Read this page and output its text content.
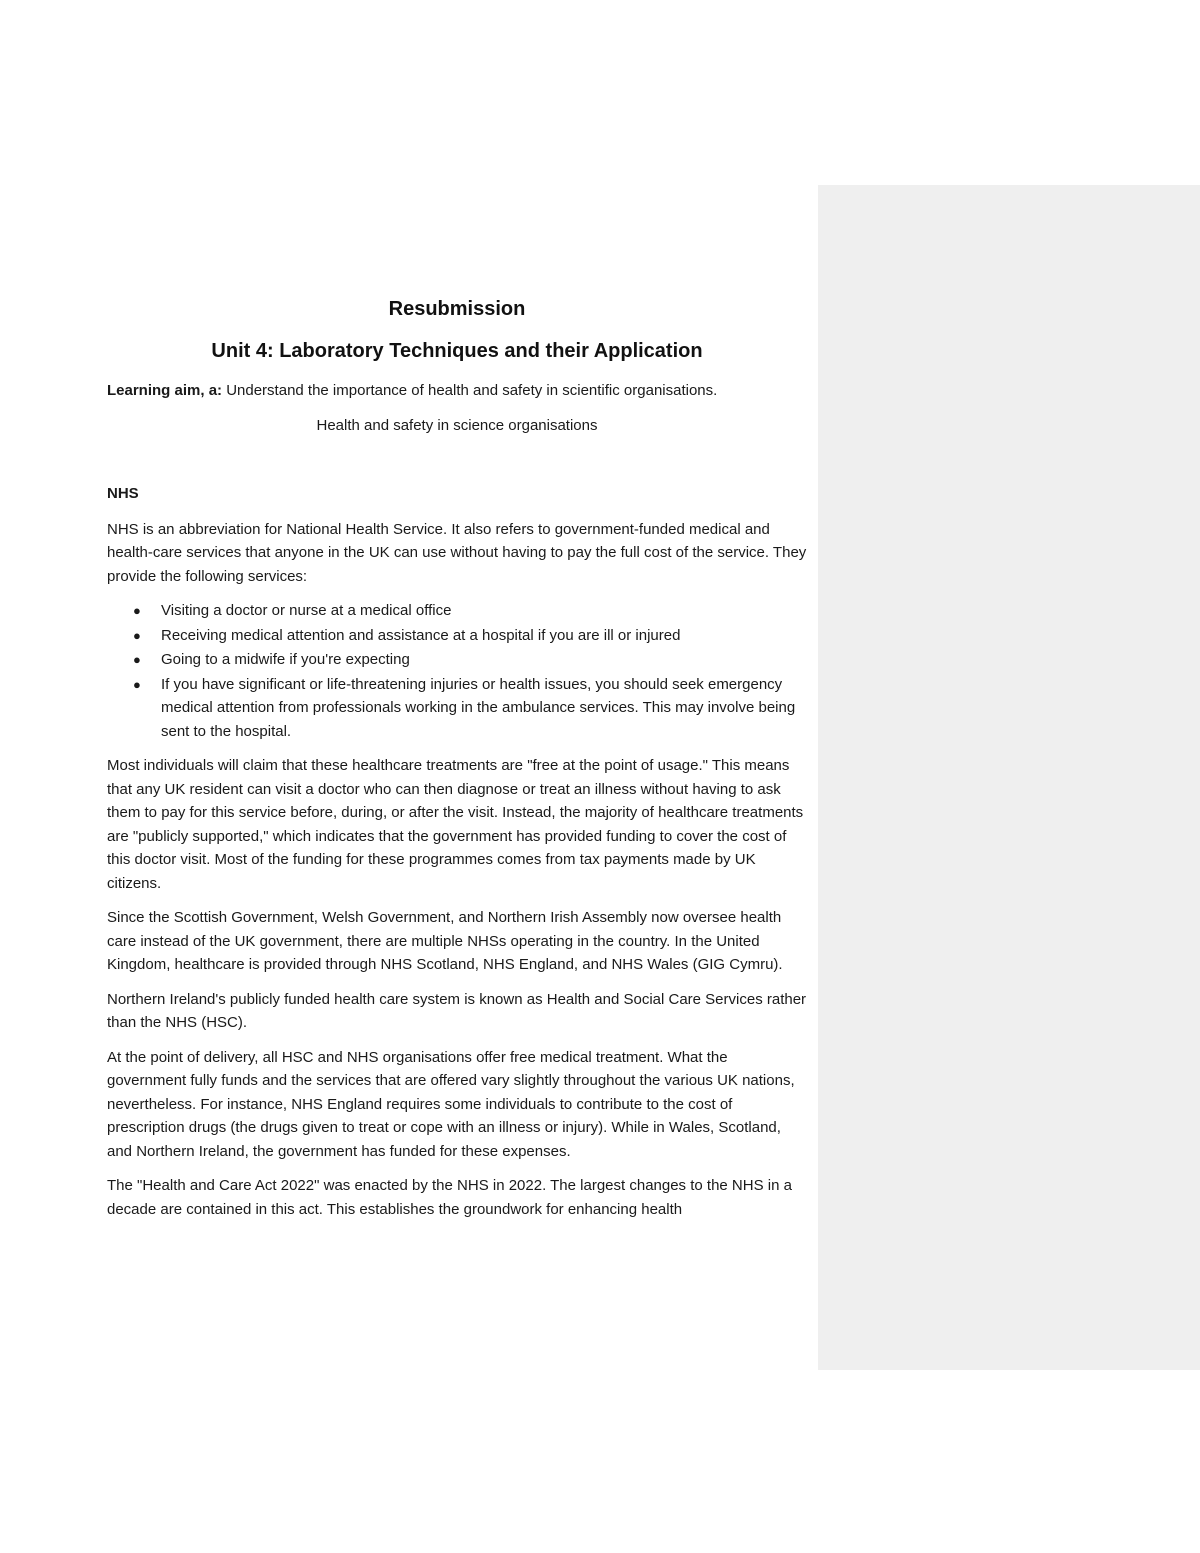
Resubmission
Unit 4: Laboratory Techniques and their Application
Learning aim, a: Understand the importance of health and safety in scientific organisations.
Health and safety in science organisations
NHS

NHS is an abbreviation for National Health Service. It also refers to government-funded medical and health-care services that anyone in the UK can use without having to pay the full cost of the service. They provide the following services:

● Visiting a doctor or nurse at a medical office
● Receiving medical attention and assistance at a hospital if you are ill or injured
● Going to a midwife if you're expecting
● If you have significant or life-threatening injuries or health issues, you should seek emergency medical attention from professionals working in the ambulance services. This may involve being sent to the hospital.

Most individuals will claim that these healthcare treatments are "free at the point of usage." This means that any UK resident can visit a doctor who can then diagnose or treat an illness without having to ask them to pay for this service before, during, or after the visit. Instead, the majority of healthcare treatments are "publicly supported," which indicates that the government has provided funding to cover the cost of this doctor visit. Most of the funding for these programmes comes from tax payments made by UK citizens.

Since the Scottish Government, Welsh Government, and Northern Irish Assembly now oversee health care instead of the UK government, there are multiple NHSs operating in the country. In the United Kingdom, healthcare is provided through NHS Scotland, NHS England, and NHS Wales (GIG Cymru).

Northern Ireland's publicly funded health care system is known as Health and Social Care Services rather than the NHS (HSC).

At the point of delivery, all HSC and NHS organisations offer free medical treatment. What the government fully funds and the services that are offered vary slightly throughout the various UK nations, nevertheless. For instance, NHS England requires some individuals to contribute to the cost of prescription drugs (the drugs given to treat or cope with an illness or injury). While in Wales, Scotland, and Northern Ireland, the government has funded for these expenses.

The "Health and Care Act 2022" was enacted by the NHS in 2022. The largest changes to the NHS in a decade are contained in this act. This establishes the groundwork for enhancing health
